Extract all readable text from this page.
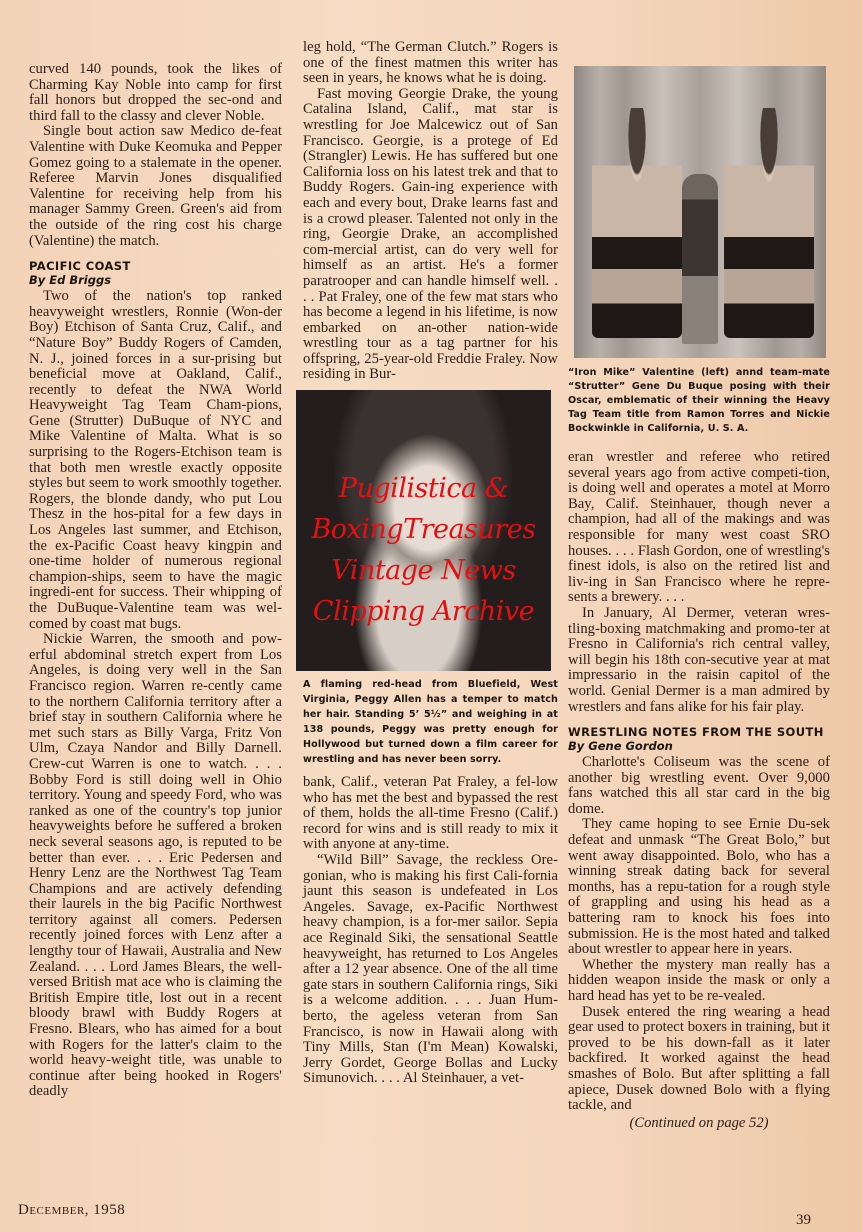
curved 140 pounds, took the likes of Charming Kay Noble into camp for first fall honors but dropped the sec-ond and third fall to the classy and clever Noble.

Single bout action saw Medico de-feat Valentine with Duke Keomuka and Pepper Gomez going to a stalemate in the opener. Referee Marvin Jones disqualified Valentine for receiving help from his manager Sammy Green. Green's aid from the outside of the ring cost his charge (Valentine) the match.

PACIFIC COAST
By Ed Briggs

Two of the nation's top ranked heavyweight wrestlers, Ronnie (Won-der Boy) Etchison of Santa Cruz, Calif., and “Nature Boy” Buddy Rogers of Camden, N. J., joined forces in a sur-prising but beneficial move at Oakland, Calif., recently to defeat the NWA World Heavyweight Tag Team Cham-pions, Gene (Strutter) DuBuque of NYC and Mike Valentine of Malta. What is so surprising to the Rogers-Etchison team is that both men wrestle exactly opposite styles but seem to work smoothly together. Rogers, the blonde dandy, who put Lou Thesz in the hos-pital for a few days in Los Angeles last summer, and Etchison, the ex-Pacific Coast heavy kingpin and one-time holder of numerous regional champion-ships, seem to have the magic ingredi-ent for success. Their whipping of the DuBuque-Valentine team was wel-comed by coast mat bugs.

Nickie Warren, the smooth and pow-erful abdominal stretch expert from Los Angeles, is doing very well in the San Francisco region. Warren re-cently came to the northern California territory after a brief stay in southern California where he met such stars as Billy Varga, Fritz Von Ulm, Czaya Nandor and Billy Darnell. Crew-cut Warren is one to watch. . . . Bobby Ford is still doing well in Ohio territory. Young and speedy Ford, who was ranked as one of the country's top junior heavyweights before he suffered a broken neck several seasons ago, is reputed to be better than ever. . . . Eric Pedersen and Henry Lenz are the Northwest Tag Team Champions and are actively defending their laurels in the big Pacific Northwest territory against all comers. Pedersen recently joined forces with Lenz after a lengthy tour of Hawaii, Australia and New Zealand. . . . Lord James Blears, the well-versed British mat ace who is claiming the British Empire title, lost out in a recent bloody brawl with Buddy Rogers at Fresno. Blears, who has aimed for a bout with Rogers for the latter's claim to the world heavy-weight title, was unable to continue after being hooked in Rogers' deadly

leg hold, “The German Clutch.” Rogers is one of the finest matmen this writer has seen in years, he knows what he is doing.

Fast moving Georgie Drake, the young Catalina Island, Calif., mat star is wrestling for Joe Malcewicz out of San Francisco. Georgie, is a protege of Ed (Strangler) Lewis. He has suffered but one California loss on his latest trek and that to Buddy Rogers. Gain-ing experience with each and every bout, Drake learns fast and is a crowd pleaser. Talented not only in the ring, Georgie Drake, an accomplished com-mercial artist, can do very well for himself as an artist. He's a former paratrooper and can handle himself well. . . . Pat Fraley, one of the few mat stars who has become a legend in his lifetime, is now embarked on an-other nation-wide wrestling tour as a tag partner for his offspring, 25-year-old Freddie Fraley. Now residing in Bur-

Pugilistica &
BoxingTreasures
Vintage News
Clipping Archive
A flaming red-head from Bluefield, West Virginia, Peggy Allen has a temper to match her hair. Standing 5’ 5½” and weighing in at 138 pounds, Peggy was pretty enough for Hollywood but turned down a film career for wrestling and has never been sorry.

bank, Calif., veteran Pat Fraley, a fel-low who has met the best and bypassed the rest of them, holds the all-time Fresno (Calif.) record for wins and is still ready to mix it with anyone at any-time.

“Wild Bill” Savage, the reckless Ore-gonian, who is making his first Cali-fornia jaunt this season is undefeated in Los Angeles. Savage, ex-Pacific Northwest heavy champion, is a for-mer sailor. Sepia ace Reginald Siki, the sensational Seattle heavyweight, has returned to Los Angeles after a 12 year absence. One of the all time gate stars in southern California rings, Siki is a welcome addition. . . . Juan Hum-berto, the ageless veteran from San Francisco, is now in Hawaii along with Tiny Mills, Stan (I'm Mean) Kowalski, Jerry Gordet, George Bollas and Lucky Simunovich. . . . Al Steinhauer, a vet-

“Iron Mike” Valentine (left) annd team-mate “Strutter” Gene Du Buque posing with their Oscar, emblematic of their winning the Heavy Tag Team title from Ramon Torres and Nickie Bockwinkle in California, U. S. A.

eran wrestler and referee who retired several years ago from active competi-tion, is doing well and operates a motel at Morro Bay, Calif. Steinhauer, though never a champion, had all of the makings and was responsible for many west coast SRO houses. . . . Flash Gordon, one of wrestling's finest idols, is also on the retired list and liv-ing in San Francisco where he repre-sents a brewery. . . .

In January, Al Dermer, veteran wres-tling-boxing matchmaking and promo-ter at Fresno in California's rich central valley, will begin his 18th con-secutive year at mat impressario in the raisin capitol of the world. Genial Dermer is a man admired by wrestlers and fans alike for his fair play.

WRESTLING NOTES FROM THE SOUTH
By Gene Gordon

Charlotte's Coliseum was the scene of another big wrestling event. Over 9,000 fans watched this all star card in the big dome.

They came hoping to see Ernie Du-sek defeat and unmask “The Great Bolo,” but went away disappointed. Bolo, who has a winning streak dating back for several months, has a repu-tation for a rough style of grappling and using his head as a battering ram to knock his foes into submission. He is the most hated and talked about wrestler to appear here in years.

Whether the mystery man really has a hidden weapon inside the mask or only a hard head has yet to be re-vealed.

Dusek entered the ring wearing a head gear used to protect boxers in training, but it proved to be his down-fall as it later backfired. It worked against the head smashes of Bolo. But after splitting a fall apiece, Dusek downed Bolo with a flying tackle, and

(Continued on page 52)
December, 1958
39
